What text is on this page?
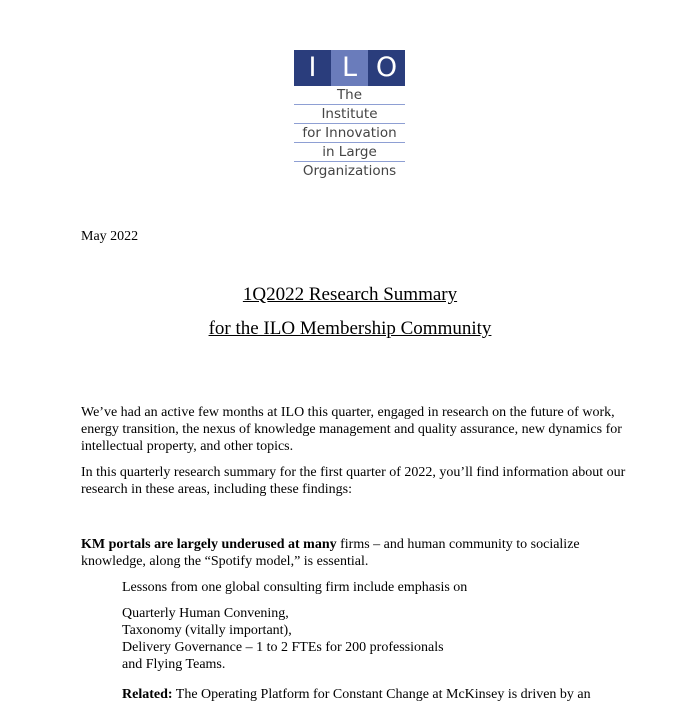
I L O
The
Institute
for Innovation
in Large
Organizations
May 2022
1Q2022 Research Summary
for the ILO Membership Community

We’ve had an active few months at ILO this quarter, engaged in research on the future of work, energy transition, the nexus of knowledge management and quality assurance, new dynamics for intellectual property, and other topics.

In this quarterly research summary for the first quarter of 2022, you’ll find information about our research in these areas, including these findings:

KM portals are largely underused at many firms – and human community to socialize knowledge, along the “Spotify model,” is essential.

Lessons from one global consulting firm include emphasis on

Quarterly Human Convening,
Taxonomy (vitally important),
Delivery Governance – 1 to 2 FTEs for 200 professionals
and Flying Teams.

Related: The Operating Platform for Constant Change at McKinsey is driven by an
